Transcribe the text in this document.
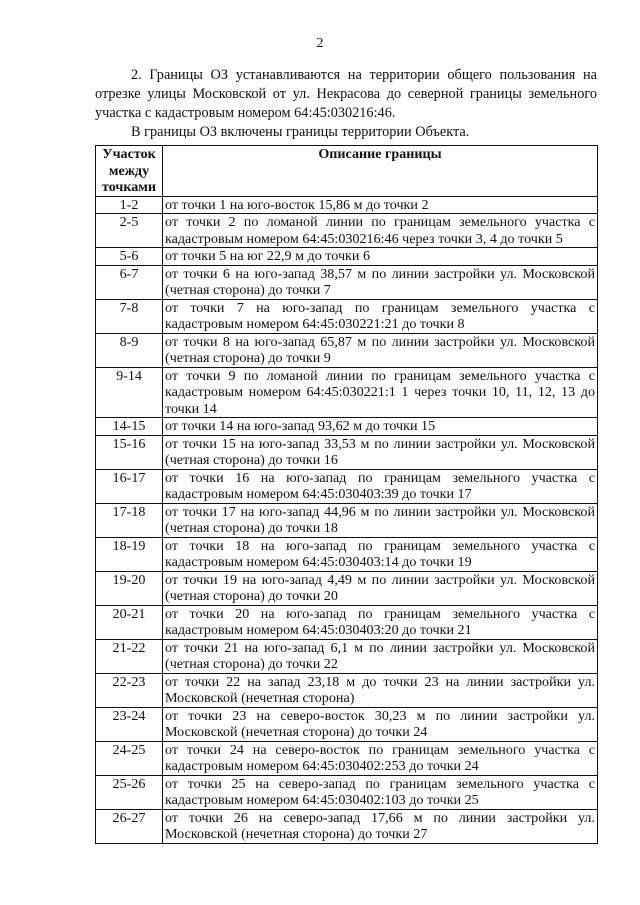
2

2. Границы ОЗ устанавливаются на территории общего пользования на отрезке улицы Московской от ул. Некрасова до северной границы земельного участка с кадастровым номером 64:45:030216:46.

В границы ОЗ включены границы территории Объекта.

Участок между точками	Описание границы
1-2	от точки 1 на юго-восток 15,86 м до точки 2
2-5	от точки 2 по ломаной линии по границам земельного участка с кадастровым номером 64:45:030216:46 через точки 3, 4 до точки 5
5-6	от точки 5 на юг 22,9 м до точки 6
6-7	от точки 6 на юго-запад 38,57 м по линии застройки ул. Московской (четная сторона) до точки 7
7-8	от точки 7 на юго-запад по границам земельного участка с кадастровым номером 64:45:030221:21 до точки 8
8-9	от точки 8 на юго-запад 65,87 м по линии застройки ул. Московской (четная сторона) до точки 9
9-14	от точки 9 по ломаной линии по границам земельного участка с кадастровым номером 64:45:030221:1 1 через точки 10, 11, 12, 13 до точки 14
14-15	от точки 14 на юго-запад 93,62 м до точки 15
15-16	от точки 15 на юго-запад 33,53 м по линии застройки ул. Московской (четная сторона) до точки 16
16-17	от точки 16 на юго-запад по границам земельного участка с кадастровым номером 64:45:030403:39 до точки 17
17-18	от точки 17 на юго-запад 44,96 м по линии застройки ул. Московской (четная сторона) до точки 18
18-19	от точки 18 на юго-запад по границам земельного участка с кадастровым номером 64:45:030403:14 до точки 19
19-20	от точки 19 на юго-запад 4,49 м по линии застройки ул. Московской (четная сторона) до точки 20
20-21	от точки 20 на юго-запад по границам земельного участка с кадастровым номером 64:45:030403:20 до точки 21
21-22	от точки 21 на юго-запад 6,1 м по линии застройки ул. Московской (четная сторона) до точки 22
22-23	от точки 22 на запад 23,18 м до точки 23 на линии застройки ул. Московской (нечетная сторона)
23-24	от точки 23 на северо-восток 30,23 м по линии застройки ул. Московской (нечетная сторона) до точки 24
24-25	от точки 24 на северо-восток по границам земельного участка с кадастровым номером 64:45:030402:253 до точки 24
25-26	от точки 25 на северо-запад по границам земельного участка с кадастровым номером 64:45:030402:103 до точки 25
26-27	от точки 26 на северо-запад 17,66 м по линии застройки ул. Московской (нечетная сторона) до точки 27
